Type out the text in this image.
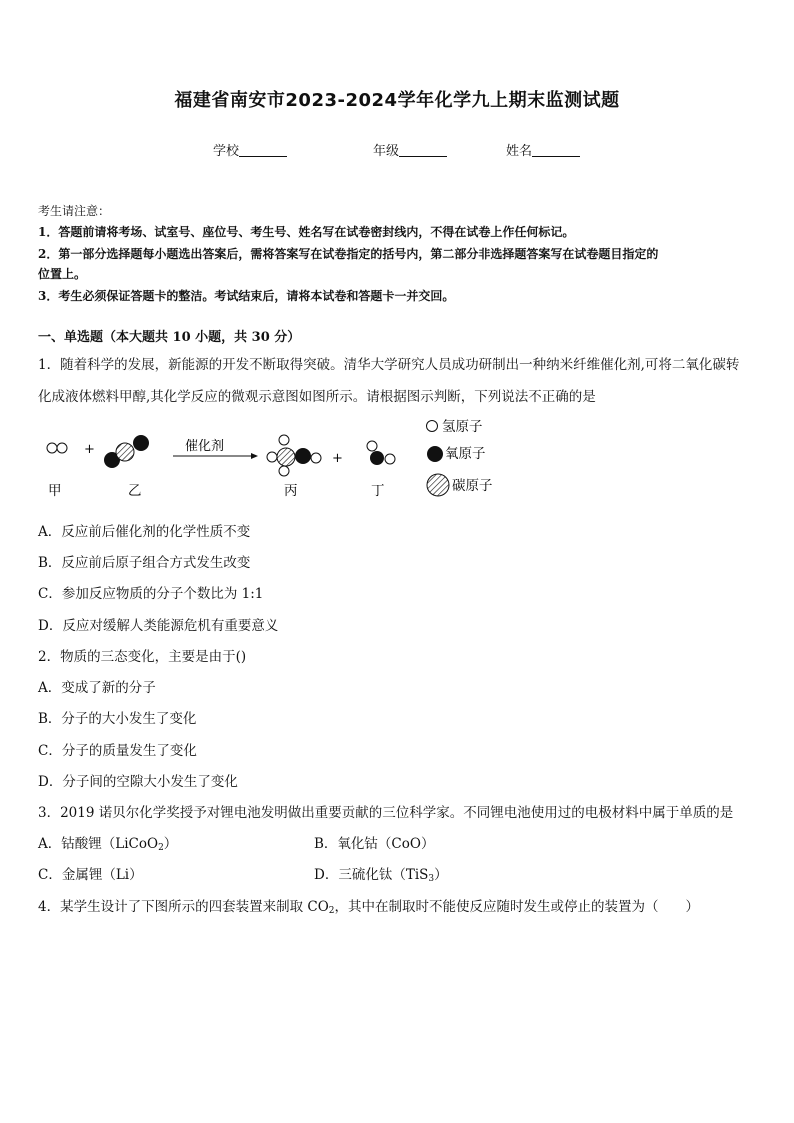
福建省南安市2023-2024学年化学九上期末监测试题
学校	年级	姓名
考生请注意：
1．答题前请将考场、试室号、座位号、考生号、姓名写在试卷密封线内，不得在试卷上作任何标记。
2．第一部分选择题每小题选出答案后，需将答案写在试卷指定的括号内，第二部分非选择题答案写在试卷题目指定的
位置上。
3．考生必须保证答题卡的整洁。考试结束后，请将本试卷和答题卡一并交回。
一、单选题（本大题共 10 小题，共 30 分）
1．随着科学的发展，新能源的开发不断取得突破。清华大学研究人员成功研制出一种纳米纤维催化剂,可将二氧化碳转
化成液体燃料甲醇,其化学反应的微观示意图如图所示。请根据图示判断，下列说法不正确的是
+	催化剂
+
甲	乙	丙	丁
氢原子
氧原子
碳原子
A．反应前后催化剂的化学性质不变
B．反应前后原子组合方式发生改变
C．参加反应物质的分子个数比为 1:1
D．反应对缓解人类能源危机有重要意义
2．物质的三态变化，主要是由于()
A．变成了新的分子
B．分子的大小发生了变化
C．分子的质量发生了变化
D．分子间的空隙大小发生了变化
3．2019 诺贝尔化学奖授予对锂电池发明做出重要贡献的三位科学家。不同锂电池使用过的电极材料中属于单质的是
A．钴酸锂（LiCoO$_2$）	B．氧化钴（CoO）
C．金属锂（Li）	D．三硫化钛（TiS$_3$）
4．某学生设计了下图所示的四套装置来制取 $CO_2$，其中在制取时不能使反应随时发生或停止的装置为（　　）
